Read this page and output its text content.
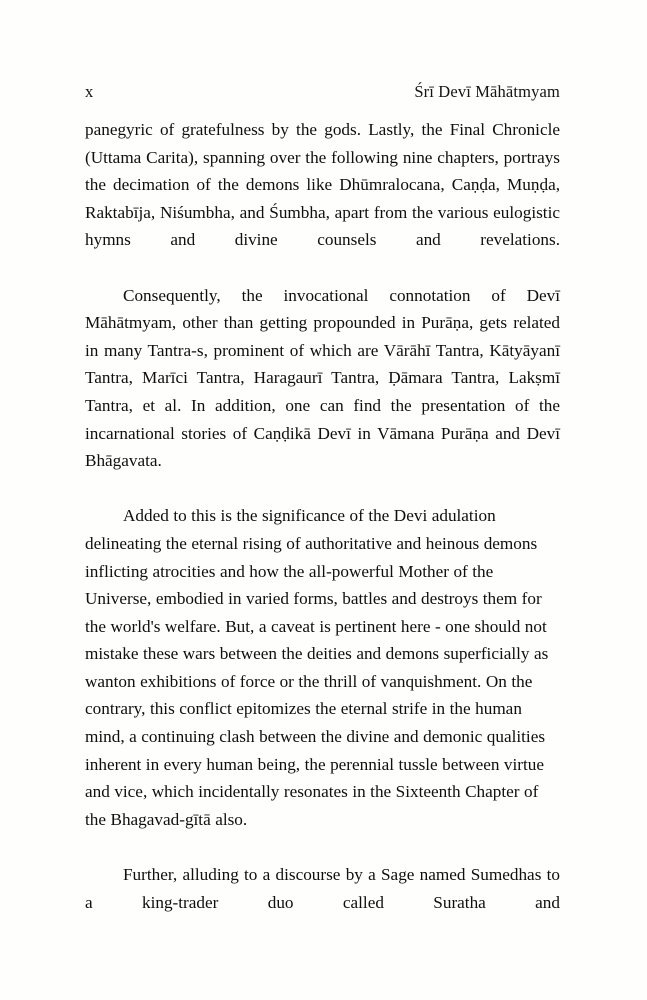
x	Śrī Devī Māhātmyam

panegyric of gratefulness by the gods. Lastly, the Final Chronicle (Uttama Carita), spanning over the following nine chapters, portrays the decimation of the demons like Dhūmralocana, Caṇḍa, Muṇḍa, Raktabīja, Niśumbha, and Śumbha, apart from the various eulogistic hymns and divine counsels and revelations.

Consequently, the invocational connotation of Devī Māhātmyam, other than getting propounded in Purāṇa, gets related in many Tantra-s, prominent of which are Vārāhī Tantra, Kātyāyanī Tantra, Marīci Tantra, Haragaurī Tantra, Ḍāmara Tantra, Lakṣmī Tantra, et al. In addition, one can find the presentation of the incarnational stories of Caṇḍikā Devī in Vāmana Purāṇa and Devī Bhāgavata.

Added to this is the significance of the Devi adulation delineating the eternal rising of authoritative and heinous demons inflicting atrocities and how the all-powerful Mother of the Universe, embodied in varied forms, battles and destroys them for the world's welfare. But, a caveat is pertinent here - one should not mistake these wars between the deities and demons superficially as wanton exhibitions of force or the thrill of vanquishment. On the contrary, this conflict epitomizes the eternal strife in the human mind, a continuing clash between the divine and demonic qualities inherent in every human being, the perennial tussle between virtue and vice, which incidentally resonates in the Sixteenth Chapter of the Bhagavad-gītā also.

Further, alluding to a discourse by a Sage named Sumedhas to a king-trader duo called Suratha and
